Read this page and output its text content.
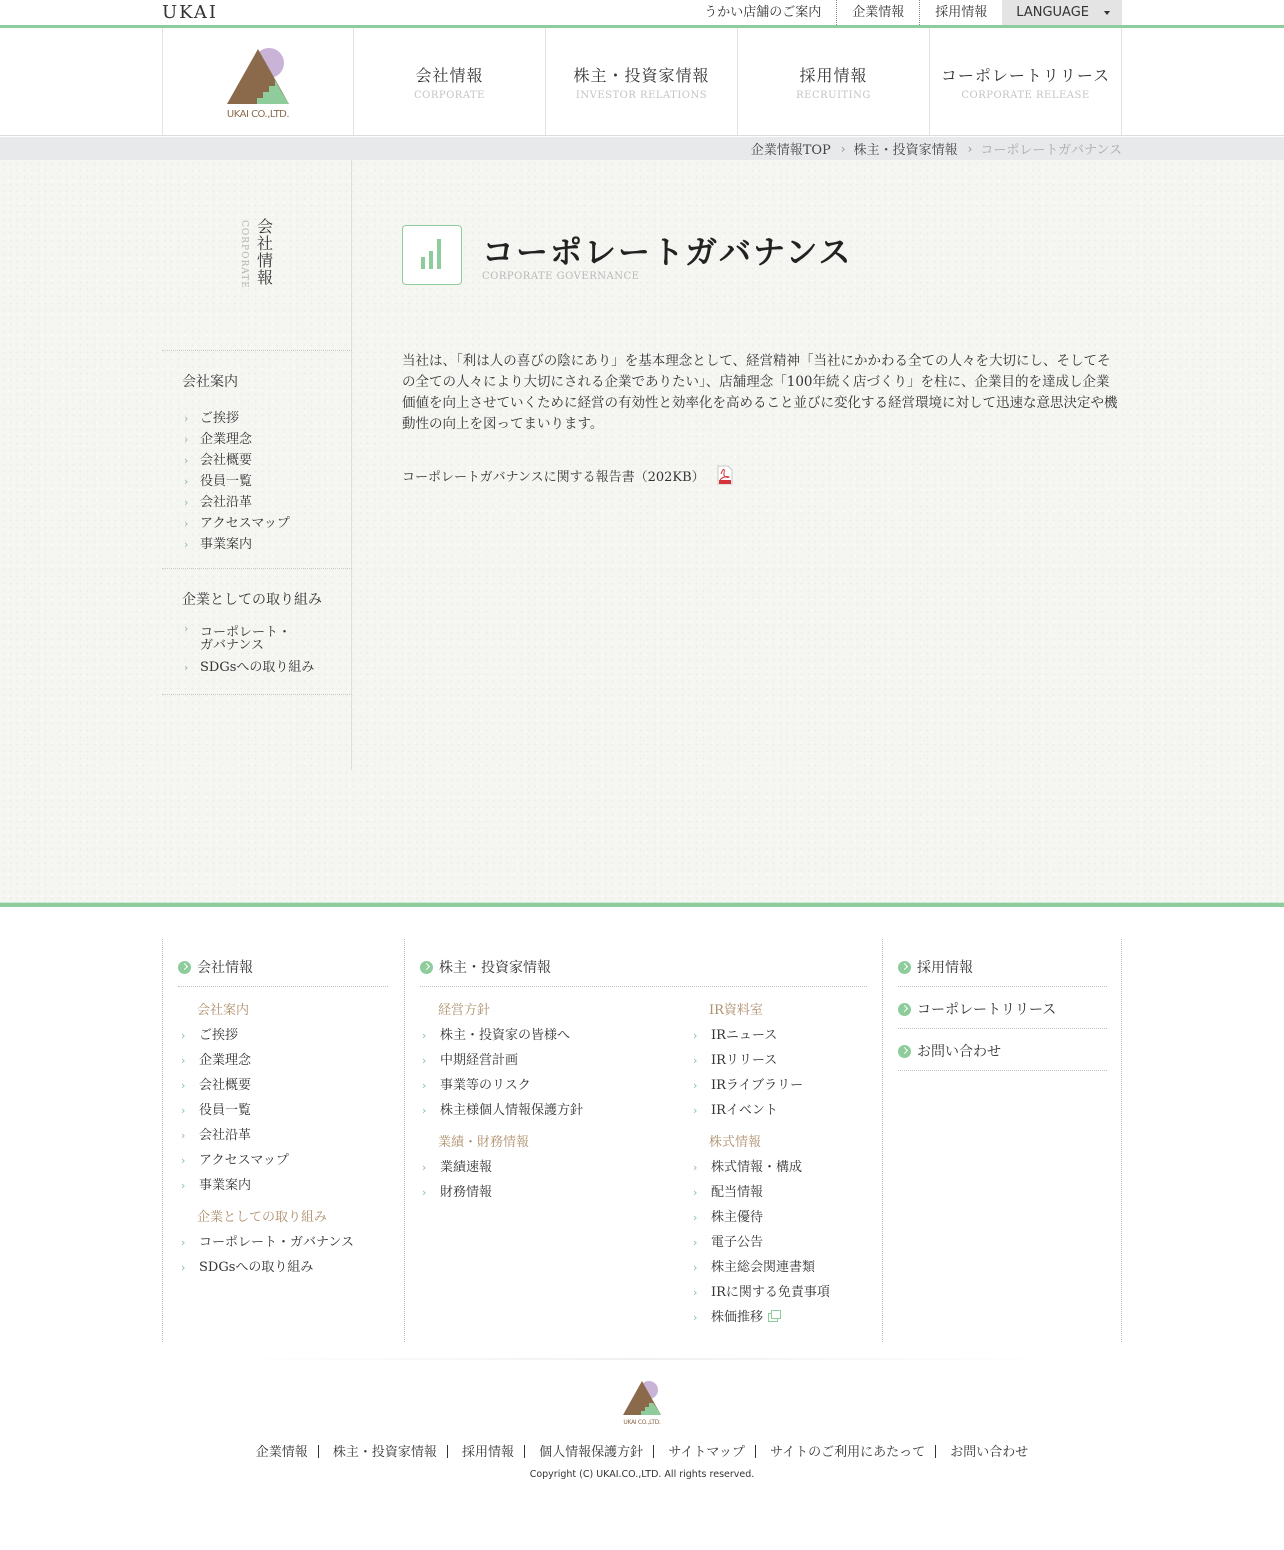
UKAI	うかい店舗のご案内	企業情報	採用情報	LANGUAGE
UKAI CO.,LTD.
会社情報
CORPORATE
株主・投資家情報
INVESTOR RELATIONS
採用情報
RECRUITING
コーポレートリリース
CORPORATE RELEASE
企業情報TOP › 株主・投資家情報 › コーポレートガバナンス
CORPORATE 会社情報
会社案内
› ご挨拶
› 企業理念
› 会社概要
› 役員一覧
› 会社沿革
› アクセスマップ
› 事業案内
企業としての取り組み
› コーポレート・
ガバナンス
› SDGsへの取り組み
コーポレートガバナンス
CORPORATE GOVERNANCE

当社は、「利は人の喜びの陰にあり」を基本理念として、経営精神「当社にかかわる全ての人々を大切にし、そしてその全ての人々により大切にされる企業でありたい」、店舗理念「100年続く店づくり」を柱に、企業目的を達成し企業価値を向上させていくために経営の有効性と効率化を高めること並びに変化する経営環境に対して迅速な意思決定や機動性の向上を図ってまいります。

コーポレートガバナンスに関する報告書（202KB）
会社情報
会社案内
› ご挨拶
› 企業理念
› 会社概要
› 役員一覧
› 会社沿革
› アクセスマップ
› 事業案内
企業としての取り組み
› コーポレート・ガバナンス
› SDGsへの取り組み
株主・投資家情報
経営方針
› 株主・投資家の皆様へ
› 中期経営計画
› 事業等のリスク
› 株主様個人情報保護方針
業績・財務情報
› 業績速報
› 財務情報
IR資料室
› IRニュース
› IRリリース
› IRライブラリー
› IRイベント
株式情報
› 株式情報・構成
› 配当情報
› 株主優待
› 電子公告
› 株主総会関連書類
› IRに関する免責事項
› 株価推移
採用情報
コーポレートリリース
お問い合わせ
UKAI CO.,LTD.
企業情報 株主・投資家情報 採用情報 個人情報保護方針 サイトマップ サイトのご利用にあたって お問い合わせ
Copyright (C) UKAI.CO.,LTD. All rights reserved.
